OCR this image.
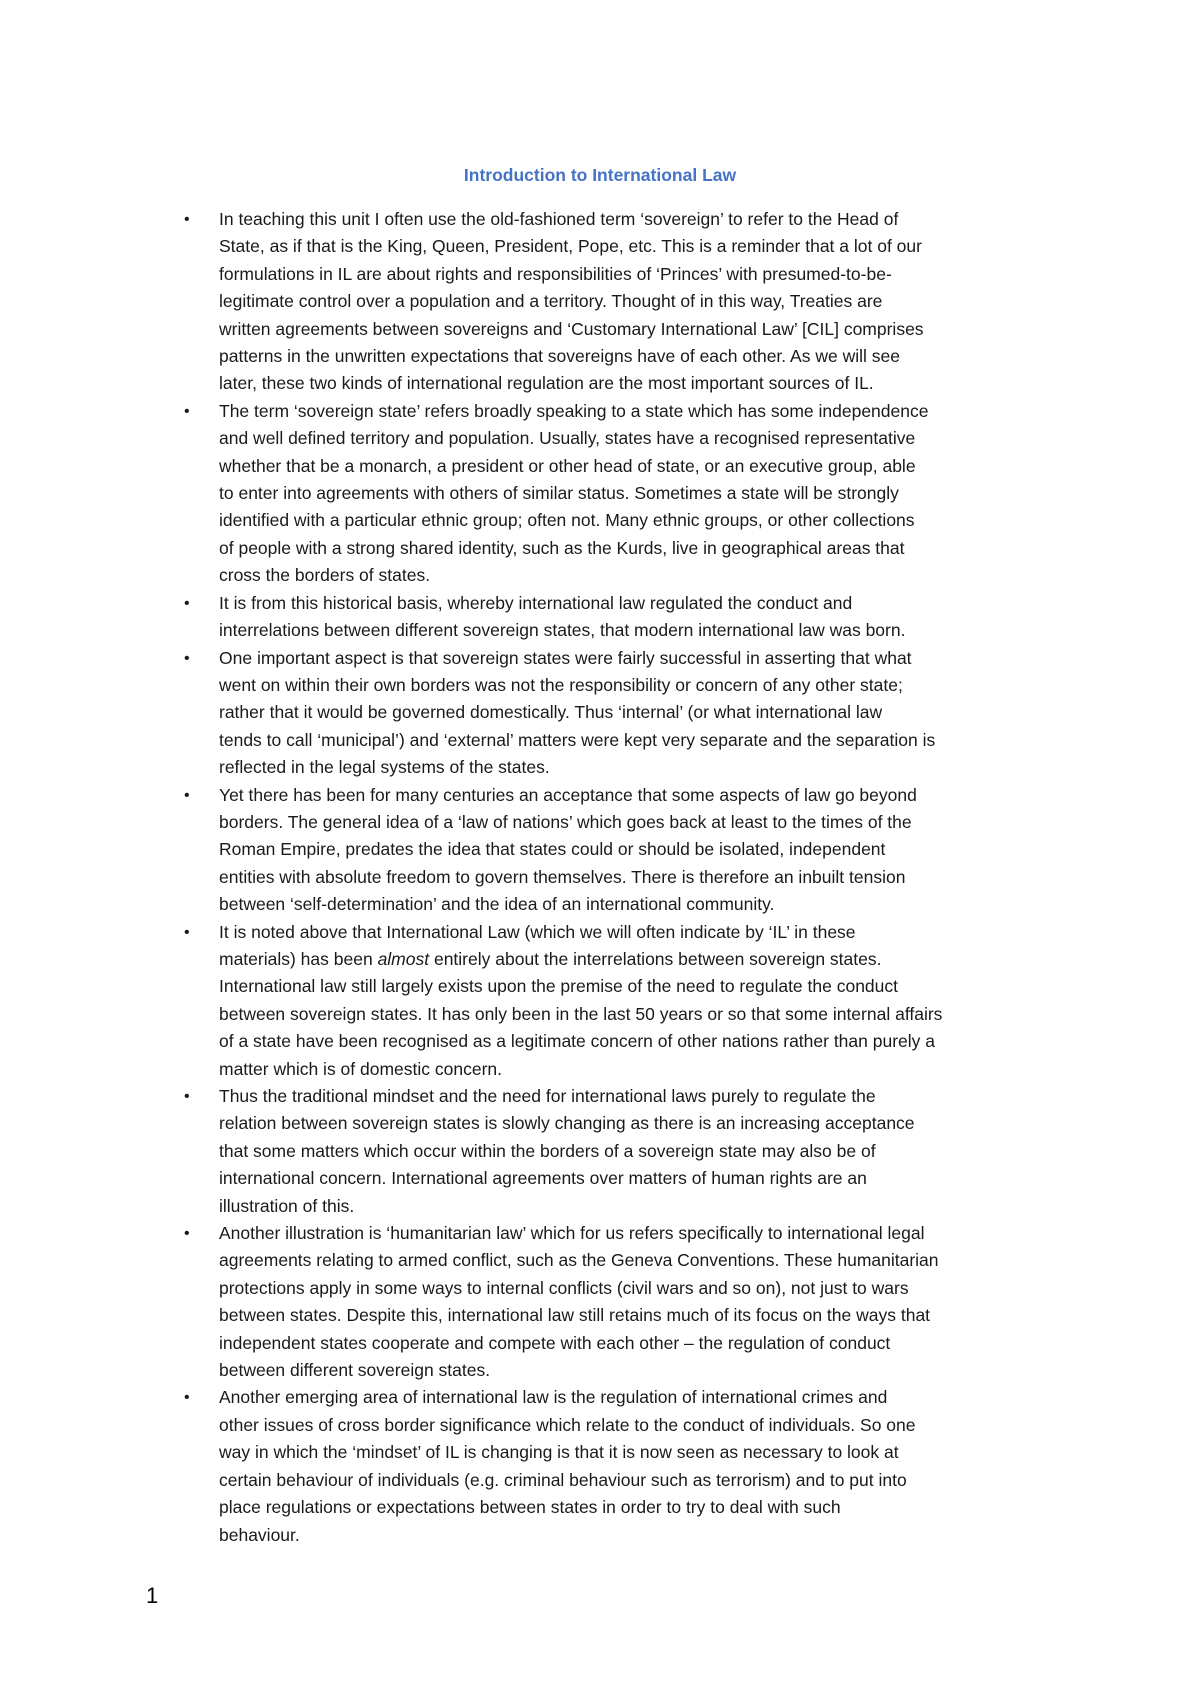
Introduction to International Law
• In teaching this unit I often use the old-fashioned term ‘sovereign’ to refer to the Head of
State, as if that is the King, Queen, President, Pope, etc. This is a reminder that a lot of our
formulations in IL are about rights and responsibilities of ‘Princes’ with presumed-to-be-
legitimate control over a population and a territory. Thought of in this way, Treaties are
written agreements between sovereigns and ‘Customary International Law’ [CIL] comprises
patterns in the unwritten expectations that sovereigns have of each other. As we will see
later, these two kinds of international regulation are the most important sources of IL.
• The term ‘sovereign state’ refers broadly speaking to a state which has some independence
and well defined territory and population. Usually, states have a recognised representative
whether that be a monarch, a president or other head of state, or an executive group, able
to enter into agreements with others of similar status. Sometimes a state will be strongly
identified with a particular ethnic group; often not. Many ethnic groups, or other collections
of people with a strong shared identity, such as the Kurds, live in geographical areas that
cross the borders of states.
• It is from this historical basis, whereby international law regulated the conduct and
interrelations between different sovereign states, that modern international law was born.
• One important aspect is that sovereign states were fairly successful in asserting that what
went on within their own borders was not the responsibility or concern of any other state;
rather that it would be governed domestically. Thus ‘internal’ (or what international law
tends to call ‘municipal’) and ‘external’ matters were kept very separate and the separation is
reflected in the legal systems of the states.
• Yet there has been for many centuries an acceptance that some aspects of law go beyond
borders. The general idea of a ‘law of nations’ which goes back at least to the times of the
Roman Empire, predates the idea that states could or should be isolated, independent
entities with absolute freedom to govern themselves. There is therefore an inbuilt tension
between ‘self-determination’ and the idea of an international community.
• It is noted above that International Law (which we will often indicate by ‘IL’ in these
materials) has been almost entirely about the interrelations between sovereign states.
International law still largely exists upon the premise of the need to regulate the conduct
between sovereign states. It has only been in the last 50 years or so that some internal affairs
of a state have been recognised as a legitimate concern of other nations rather than purely a
matter which is of domestic concern.
• Thus the traditional mindset and the need for international laws purely to regulate the
relation between sovereign states is slowly changing as there is an increasing acceptance
that some matters which occur within the borders of a sovereign state may also be of
international concern. International agreements over matters of human rights are an
illustration of this.
• Another illustration is ‘humanitarian law’ which for us refers specifically to international legal
agreements relating to armed conflict, such as the Geneva Conventions. These humanitarian
protections apply in some ways to internal conflicts (civil wars and so on), not just to wars
between states. Despite this, international law still retains much of its focus on the ways that
independent states cooperate and compete with each other – the regulation of conduct
between different sovereign states.
• Another emerging area of international law is the regulation of international crimes and
other issues of cross border significance which relate to the conduct of individuals. So one
way in which the ‘mindset’ of IL is changing is that it is now seen as necessary to look at
certain behaviour of individuals (e.g. criminal behaviour such as terrorism) and to put into
place regulations or expectations between states in order to try to deal with such
behaviour.
1
